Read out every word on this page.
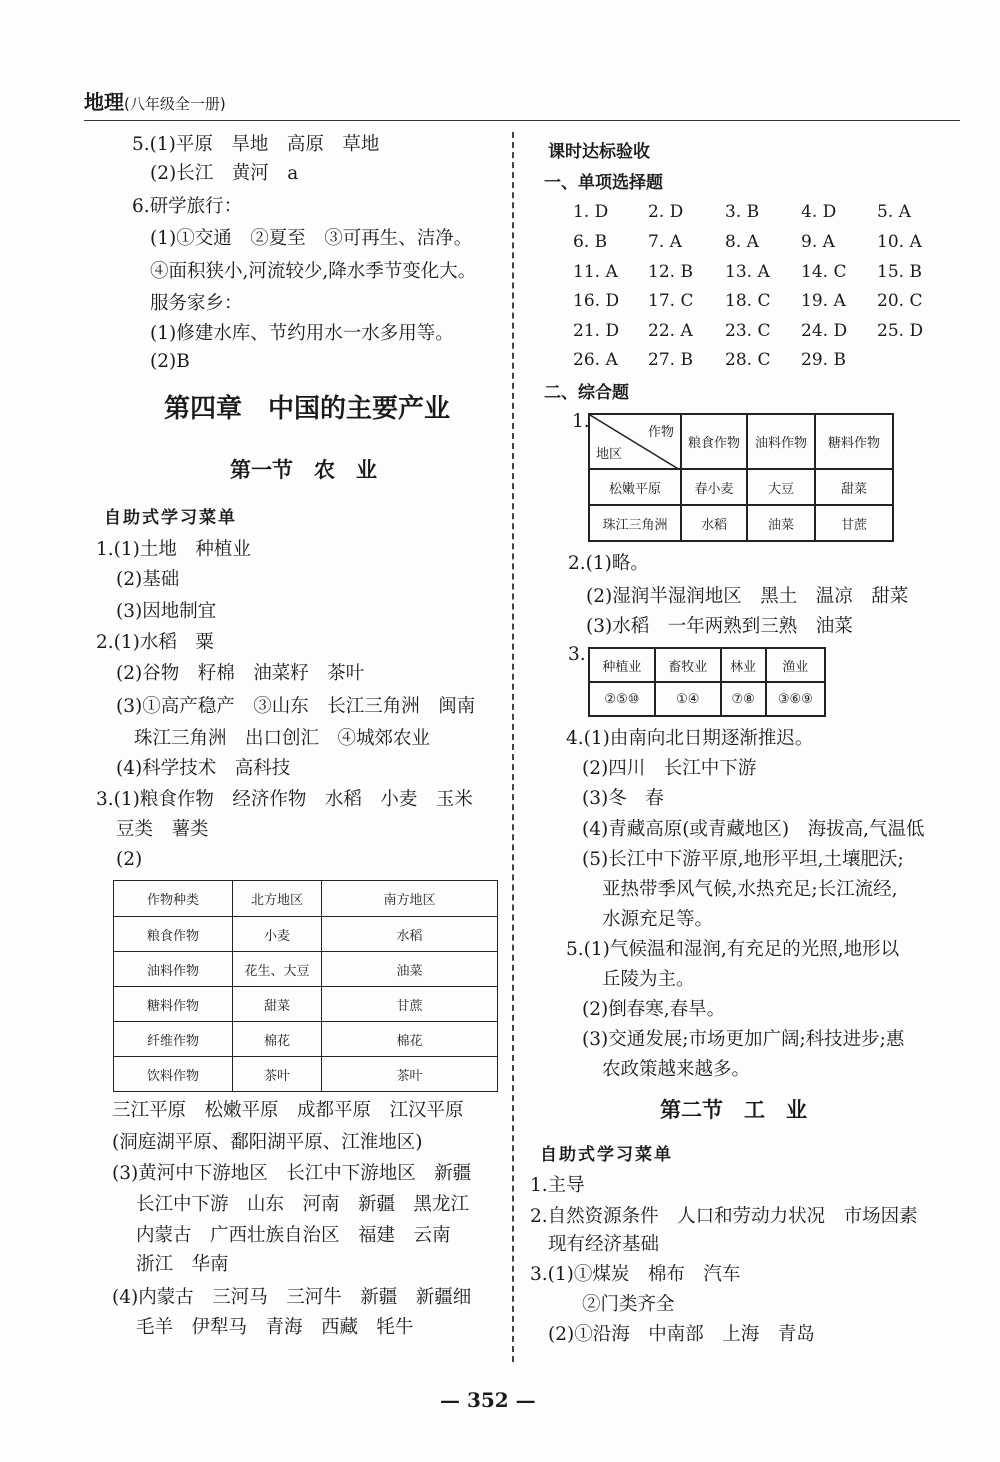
地理(八年级全一册)
5.(1)平原　旱地　高原　草地
(2)长江　黄河　a
6.研学旅行：
(1)①交通　②夏至　③可再生、洁净。
④面积狭小,河流较少,降水季节变化大。
服务家乡：
(1)修建水库、节约用水一水多用等。
(2)B
第四章　中国的主要产业
第一节　农　业
自助式学习菜单
1.(1)土地　种植业
(2)基础
(3)因地制宜
2.(1)水稻　粟
(2)谷物　籽棉　油菜籽　茶叶
(3)①高产稳产　③山东　长江三角洲　闽南
珠江三角洲　出口创汇　④城郊农业
(4)科学技术　高科技
3.(1)粮食作物　经济作物　水稻　小麦　玉米
豆类　薯类
(2)
作物种类	北方地区	南方地区
粮食作物	小麦	水稻
油料作物	花生、大豆	油菜
糖料作物	甜菜	甘蔗
纤维作物	棉花	棉花
饮料作物	茶叶	茶叶
三江平原　松嫩平原　成都平原　江汉平原
(洞庭湖平原、鄱阳湖平原、江淮地区)
(3)黄河中下游地区　长江中下游地区　新疆
长江中下游　山东　河南　新疆　黑龙江
内蒙古　广西壮族自治区　福建　云南
浙江　华南
(4)内蒙古　三河马　三河牛　新疆　新疆细
毛羊　伊犁马　青海　西藏　牦牛
课时达标验收
一、单项选择题
1. D 2. D 3. B 4. D 5. A
6. B 7. A	8. A 9. A 10. A
11. A 12. B 13. A 14. C 15. B
16. D 17. C 18. C 19. A 20. C
21. D 22. A 23. C 24. D 25. D
26. A 27. B 28. C 29. B
二、综合题
1.
作物
地区	粮食作物	油料作物	糖料作物
松嫩平原	春小麦	大豆	甜菜
珠江三角洲	水稻	油菜	甘蔗
2.(1)略。
(2)湿润半湿润地区　黑土　温凉　甜菜
(3)水稻　一年两熟到三熟　油菜
3.
种植业	畜牧业	林业	渔业
②⑤⑩	①④	⑦⑧	③⑥⑨
4.(1)由南向北日期逐渐推迟。
(2)四川　长江中下游
(3)冬　春
(4)青藏高原(或青藏地区)　海拔高,气温低
(5)长江中下游平原,地形平坦,土壤肥沃;
亚热带季风气候,水热充足;长江流经,
水源充足等。
5.(1)气候温和湿润,有充足的光照,地形以
丘陵为主。
(2)倒春寒,春旱。
(3)交通发展;市场更加广阔;科技进步;惠
农政策越来越多。
第二节　工　业
自助式学习菜单
1.主导
2.自然资源条件　人口和劳动力状况　市场因素
现有经济基础
3.(1)①煤炭　棉布　汽车
②门类齐全
(2)①沿海　中南部　上海　青岛
— 352 —
